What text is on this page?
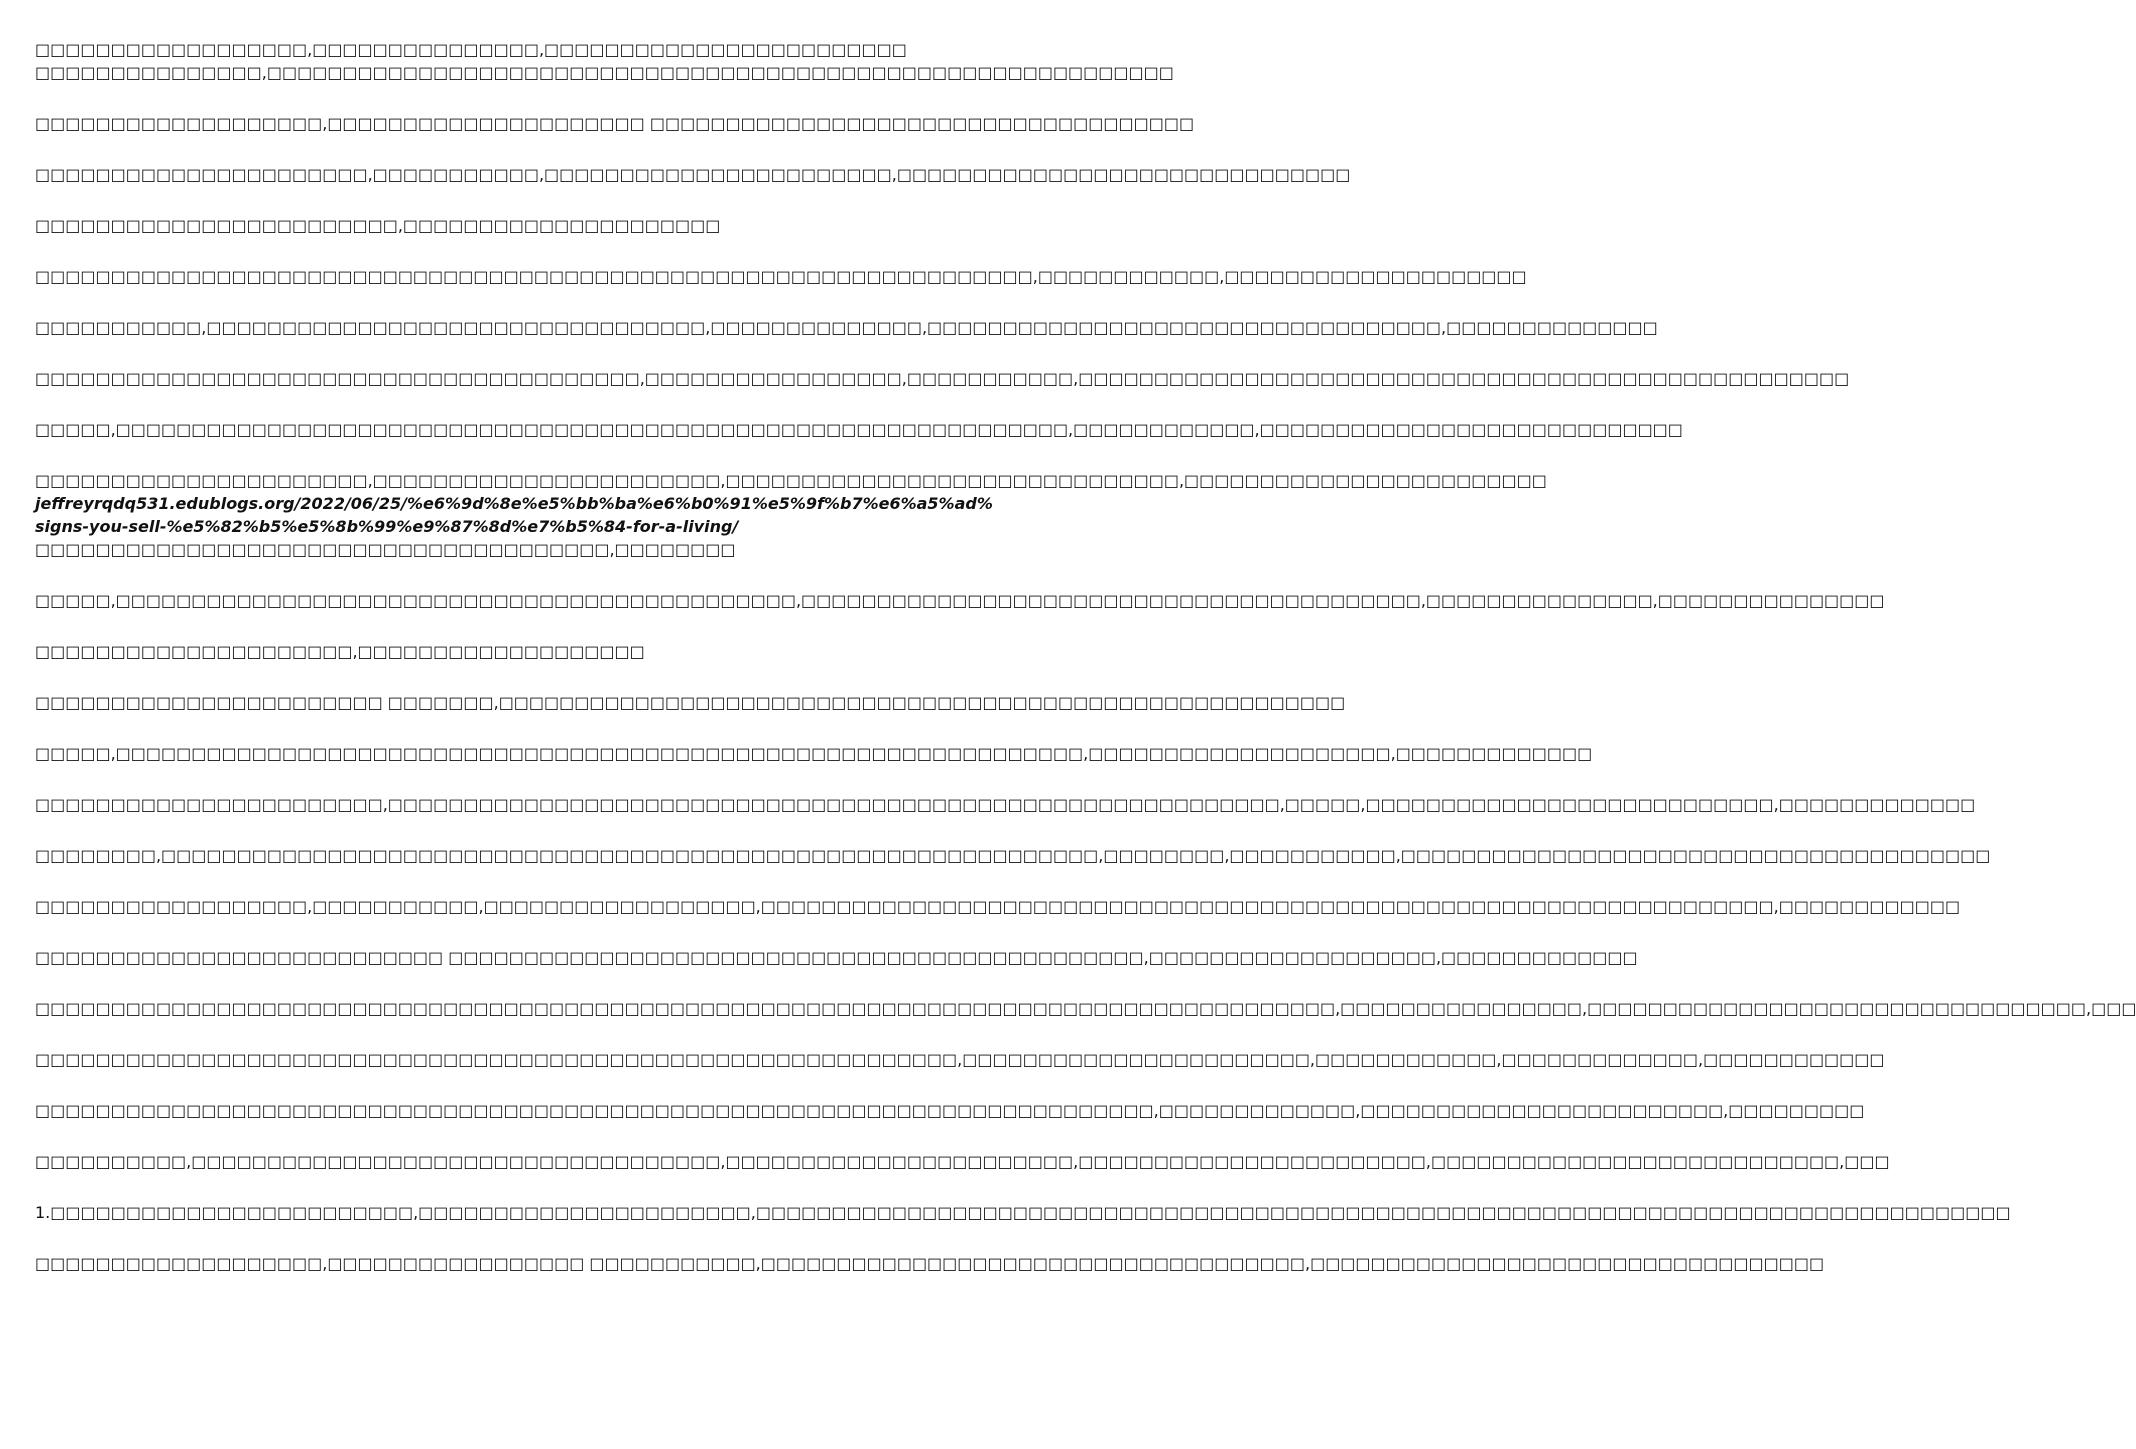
□□□□□□□□□□□□□□□□□□,□□□□□□□□□□□□□□□,□□□□□□□□□□□□□□□□□□□□□□□□
□□□□□□□□□□□□□□□,□□□□□□□□□□□□□□□□□□□□□□□□□□□□□□□□□□□□□□□□□□□□□□□□□□□□□□□□□□□□

□□□□□□□□□□□□□□□□□□□,□□□□□□□□□□□□□□□□□□□□□ □□□□□□□□□□□□□□□□□□□□□□□□□□□□□□□□□□□□

□□□□□□□□□□□□□□□□□□□□□□,□□□□□□□□□□□,□□□□□□□□□□□□□□□□□□□□□□□,□□□□□□□□□□□□□□□□□□□□□□□□□□□□□□

□□□□□□□□□□□□□□□□□□□□□□□□,□□□□□□□□□□□□□□□□□□□□□

□□□□□□□□□□□□□□□□□□□□□□□□□□□□□□□□□□□□□□□□□□□□□□□□□□□□□□□□□□□□□□□□□□,□□□□□□□□□□□□,□□□□□□□□□□□□□□□□□□□□

□□□□□□□□□□□,□□□□□□□□□□□□□□□□□□□□□□□□□□□□□□□□□,□□□□□□□□□□□□□□,□□□□□□□□□□□□□□□□□□□□□□□□□□□□□□□□□□,□□□□□□□□□□□□□□

□□□□□□□□□□□□□□□□□□□□□□□□□□□□□□□□□□□□□□□□,□□□□□□□□□□□□□□□□□,□□□□□□□□□□□,□□□□□□□□□□□□□□□□□□□□□□□□□□□□□□□□□□□□□□□□□□□□□□□□□□□

□□□□□,□□□□□□□□□□□□□□□□□□□□□□□□□□□□□□□□□□□□□□□□□□□□□□□□□□□□□□□□□□□□□□□,□□□□□□□□□□□□,□□□□□□□□□□□□□□□□□□□□□□□□□□□□

□□□□□□□□□□□□□□□□□□□□□□,□□□□□□□□□□□□□□□□□□□□□□□,□□□□□□□□□□□□□□□□□□□□□□□□□□□□□□,□□□□□□□□□□□□□□□□□□□□□□□□
jeffreyrqdq531.edublogs.org/2022/06/25/%e6%9d%8e%e5%bb%ba%e6%b0%91%e5%9f%b7%e6%a5%ad%
signs-you-sell-%e5%82%b5%e5%8b%99%e9%87%8d%e7%b5%84-for-a-living/
□□□□□□□□□□□□□□□□□□□□□□□□□□□□□□□□□□□□□□,□□□□□□□□

□□□□□,□□□□□□□□□□□□□□□□□□□□□□□□□□□□□□□□□□□□□□□□□□□□□,□□□□□□□□□□□□□□□□□□□□□□□□□□□□□□□□□□□□□□□□□,□□□□□□□□□□□□□□□,□□□□□□□□□□□□□□□

□□□□□□□□□□□□□□□□□□□□□,□□□□□□□□□□□□□□□□□□□

□□□□□□□□□□□□□□□□□□□□□□□ □□□□□□□,□□□□□□□□□□□□□□□□□□□□□□□□□□□□□□□□□□□□□□□□□□□□□□□□□□□□□□□□

□□□□□,□□□□□□□□□□□□□□□□□□□□□□□□□□□□□□□□□□□□□□□□□□□□□□□□□□□□□□□□□□□□□□□□,□□□□□□□□□□□□□□□□□□□□,□□□□□□□□□□□□□

□□□□□□□□□□□□□□□□□□□□□□□,□□□□□□□□□□□□□□□□□□□□□□□□□□□□□□□□□□□□□□□□□□□□□□□□□□□□□□□□□□□,□□□□□,□□□□□□□□□□□□□□□□□□□□□□□□□□□,□□□□□□□□□□□□□

□□□□□□□□,□□□□□□□□□□□□□□□□□□□□□□□□□□□□□□□□□□□□□□□□□□□□□□□□□□□□□□□□□□□□□□,□□□□□□□□,□□□□□□□□□□□,□□□□□□□□□□□□□□□□□□□□□□□□□□□□□□□□□□□□□□□

□□□□□□□□□□□□□□□□□□,□□□□□□□□□□□,□□□□□□□□□□□□□□□□□□,□□□□□□□□□□□□□□□□□□□□□□□□□□□□□□□□□□□□□□□□□□□□□□□□□□□□□□□□□□□□□□□□□□□,□□□□□□□□□□□□

□□□□□□□□□□□□□□□□□□□□□□□□□□□ □□□□□□□□□□□□□□□□□□□□□□□□□□□□□□□□□□□□□□□□□□□□□□,□□□□□□□□□□□□□□□□□□□,□□□□□□□□□□□□□

□□□□□□□□□□□□□□□□□□□□□□□□□□□□□□□□□□□□□□□□□□□□□□□□□□□□□□□□□□□□□□□□□□□□□□□□□□□□□□□□□□□□□□,□□□□□□□□□□□□□□□□,□□□□□□□□□□□□□□□□□□□□□□□□□□□□□□□□□,□□□

□□□□□□□□□□□□□□□□□□□□□□□□□□□□□□□□□□□□□□□□□□□□□□□□□□□□□□□□□□□□□,□□□□□□□□□□□□□□□□□□□□□□□,□□□□□□□□□□□□,□□□□□□□□□□□□□,□□□□□□□□□□□□

□□□□□□□□□□□□□□□□□□□□□□□□□□□□□□□□□□□□□□□□□□□□□□□□□□□□□□□□□□□□□□□□□□□□□□□□□□,□□□□□□□□□□□□□,□□□□□□□□□□□□□□□□□□□□□□□□,□□□□□□□□□

□□□□□□□□□□,□□□□□□□□□□□□□□□□□□□□□□□□□□□□□□□□□□□,□□□□□□□□□□□□□□□□□□□□□□□,□□□□□□□□□□□□□□□□□□□□□□□,□□□□□□□□□□□□□□□□□□□□□□□□□□□,□□□

1.□□□□□□□□□□□□□□□□□□□□□□□□,□□□□□□□□□□□□□□□□□□□□□□,□□□□□□□□□□□□□□□□□□□□□□□□□□□□□□□□□□□□□□□□□□□□□□□□□□□□□□□□□□□□□□□□□□□□□□□□□□□□□□□□□□□

□□□□□□□□□□□□□□□□□□□,□□□□□□□□□□□□□□□□□ □□□□□□□□□□□,□□□□□□□□□□□□□□□□□□□□□□□□□□□□□□□□□□□□,□□□□□□□□□□□□□□□□□□□□□□□□□□□□□□□□□□
